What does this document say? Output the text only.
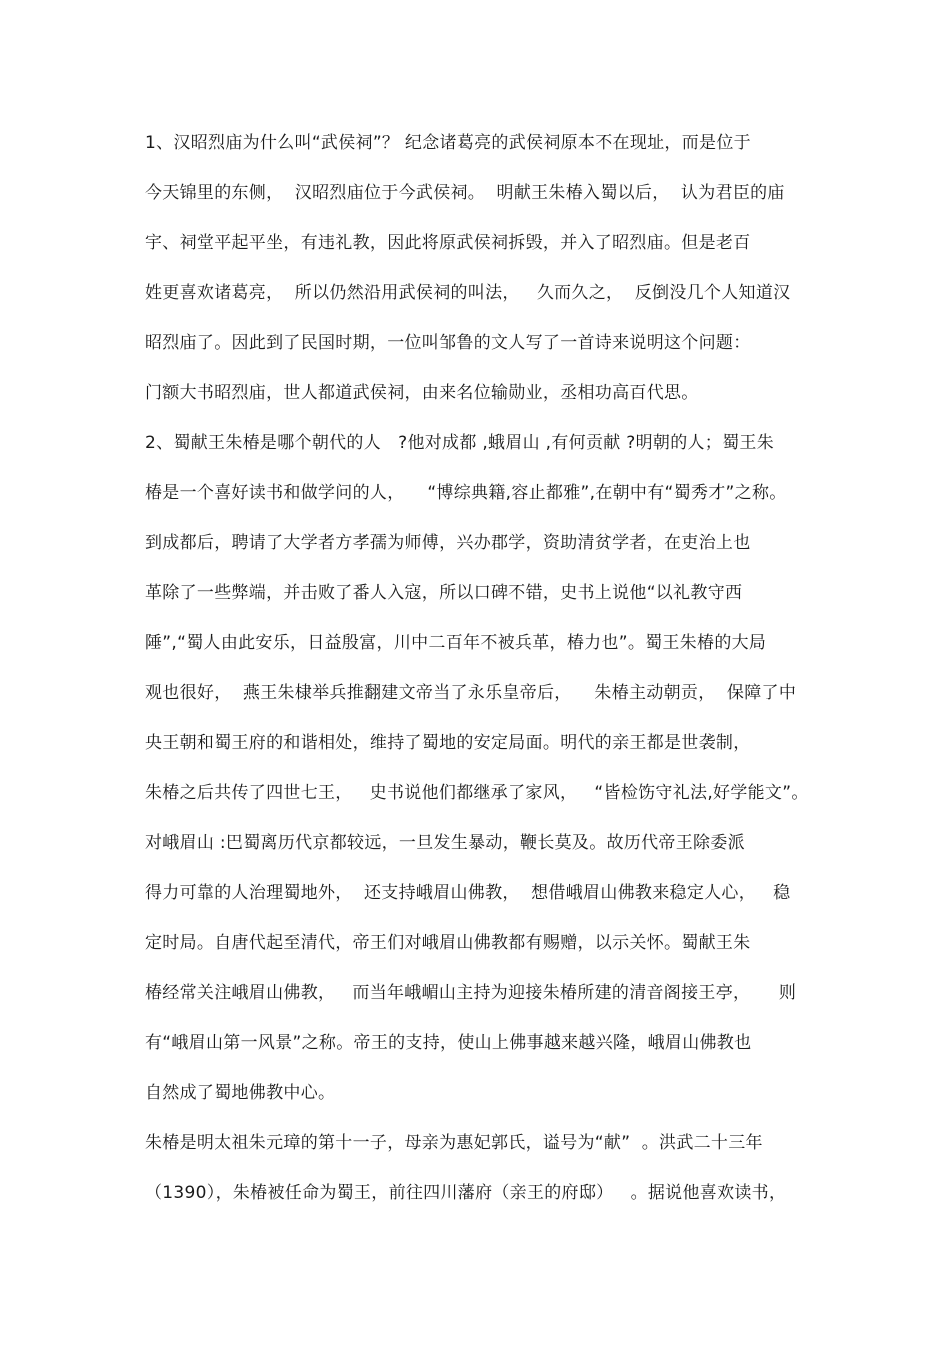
1、汉昭烈庙为什么叫“武侯祠”？ 纪念诸葛亮的武侯祠原本不在现址，而是位于
今天锦里的东侧，  汉昭烈庙位于今武侯祠。  明献王朱椿入蜀以后，  认为君臣的庙
宇、祠堂平起平坐，有违礼教，因此将原武侯祠拆毁，并入了昭烈庙。但是老百
姓更喜欢诸葛亮，  所以仍然沿用武侯祠的叫法，   久而久之，  反倒没几个人知道汉
昭烈庙了。因此到了民国时期，一位叫邹鲁的文人写了一首诗来说明这个问题：
门额大书昭烈庙，世人都道武侯祠，由来名位输勋业，丞相功高百代思。
2、蜀献王朱椿是哪个朝代的人   ?他对成都 ,蛾眉山 ,有何贡献 ?明朝的人；蜀王朱
椿是一个喜好读书和做学问的人，    “博综典籍,容止都雅”,在朝中有“蜀秀才”之称。
到成都后，聘请了大学者方孝孺为师傅，兴办郡学，资助清贫学者，在吏治上也
革除了一些弊端，并击败了番人入寇，所以口碑不错，史书上说他“以礼教守西
陲”,“蜀人由此安乐，日益殷富，川中二百年不被兵革，椿力也”。蜀王朱椿的大局
观也很好，  燕王朱棣举兵推翻建文帝当了永乐皇帝后，    朱椿主动朝贡，  保障了中
央王朝和蜀王府的和谐相处，维持了蜀地的安定局面。明代的亲王都是世袭制，
朱椿之后共传了四世七王，   史书说他们都继承了家风，   “皆检饬守礼法,好学能文”。
对峨眉山 :巴蜀离历代京都较远，一旦发生暴动，鞭长莫及。故历代帝王除委派
得力可靠的人治理蜀地外，  还支持峨眉山佛教，  想借峨眉山佛教来稳定人心，   稳
定时局。自唐代起至清代，帝王们对峨眉山佛教都有赐赠，以示关怀。蜀献王朱
椿经常关注峨眉山佛教，   而当年峨嵋山主持为迎接朱椿所建的清音阁接王亭，     则
有“峨眉山第一风景”之称。帝王的支持，使山上佛事越来越兴隆，峨眉山佛教也
自然成了蜀地佛教中心。
朱椿是明太祖朱元璋的第十一子，母亲为惠妃郭氏，谥号为“献”  。洪武二十三年
（1390），朱椿被任命为蜀王，前往四川藩府（亲王的府邸）   。据说他喜欢读书，
